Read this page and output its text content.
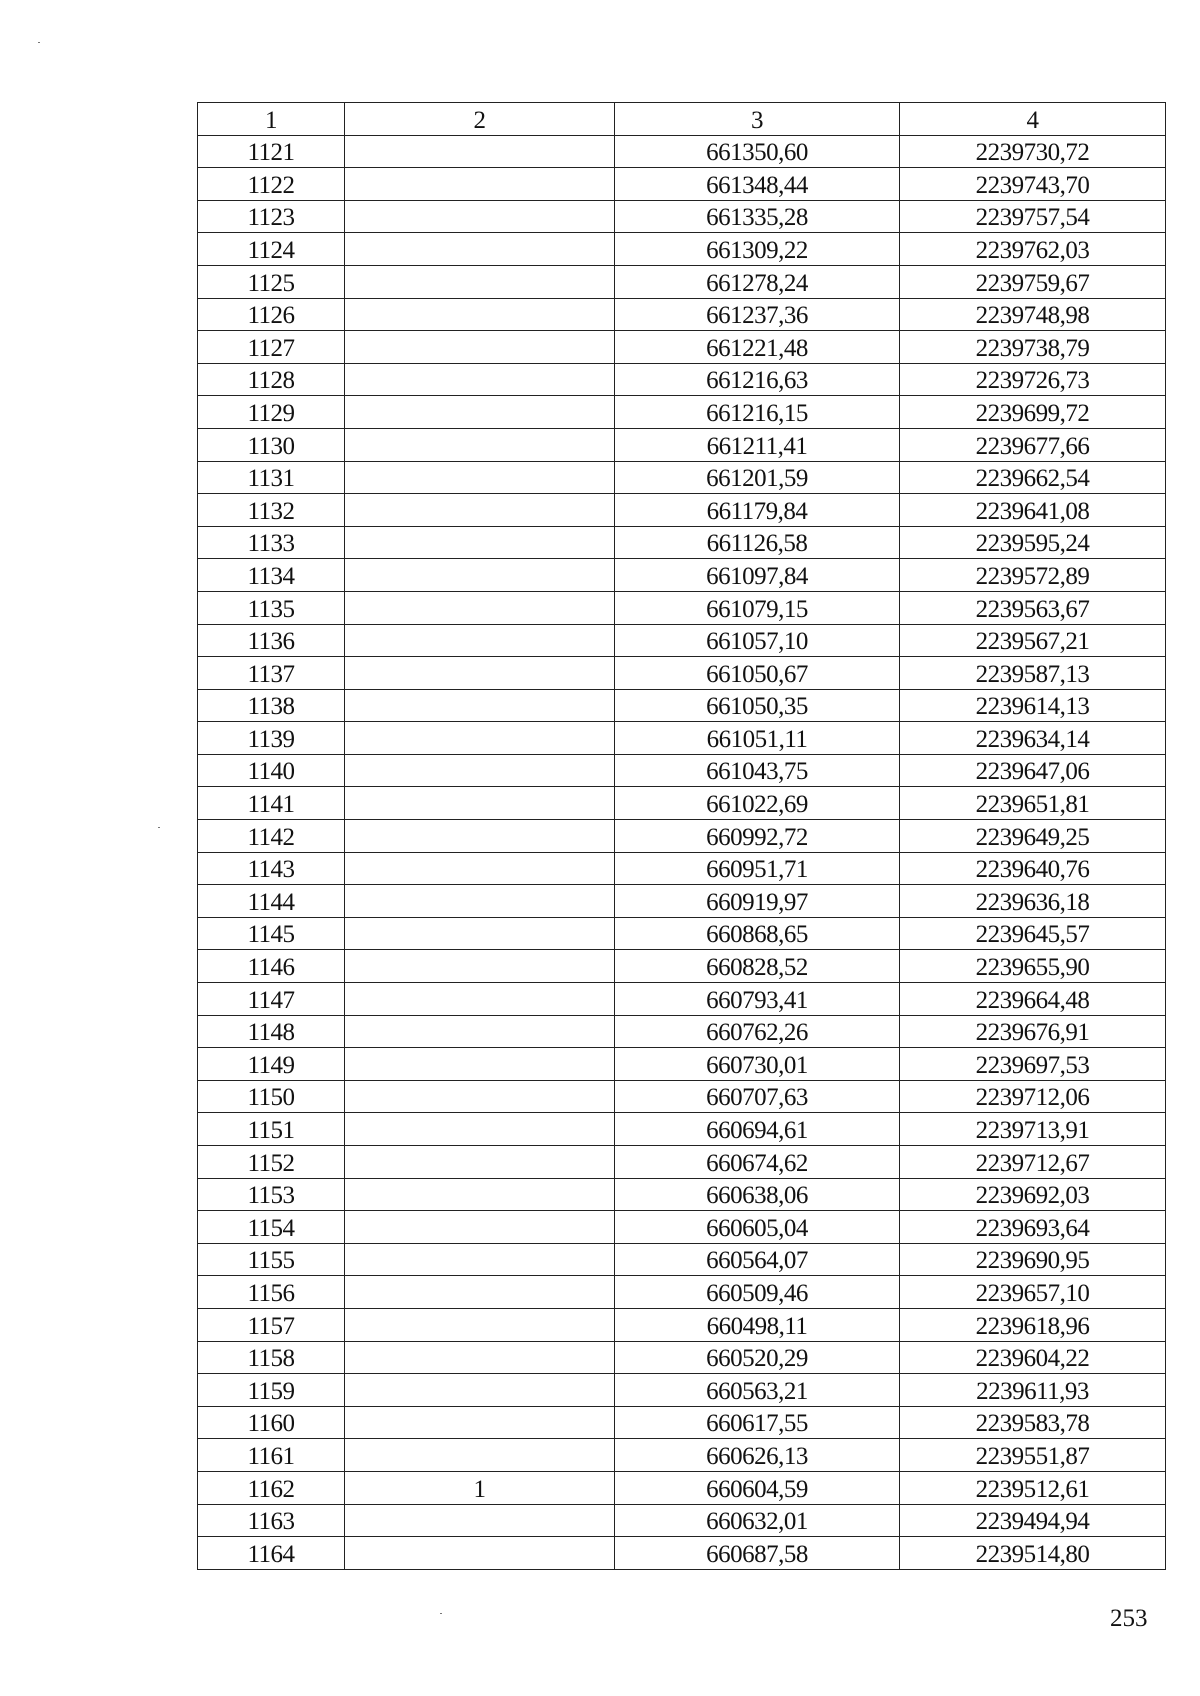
1	2	3	4
1121		661350,60	2239730,72
1122		661348,44	2239743,70
1123		661335,28	2239757,54
1124		661309,22	2239762,03
1125		661278,24	2239759,67
1126		661237,36	2239748,98
1127		661221,48	2239738,79
1128		661216,63	2239726,73
1129		661216,15	2239699,72
1130		661211,41	2239677,66
1131		661201,59	2239662,54
1132		661179,84	2239641,08
1133		661126,58	2239595,24
1134		661097,84	2239572,89
1135		661079,15	2239563,67
1136		661057,10	2239567,21
1137		661050,67	2239587,13
1138		661050,35	2239614,13
1139		661051,11	2239634,14
1140		661043,75	2239647,06
1141		661022,69	2239651,81
1142		660992,72	2239649,25
1143		660951,71	2239640,76
1144		660919,97	2239636,18
1145		660868,65	2239645,57
1146		660828,52	2239655,90
1147		660793,41	2239664,48
1148		660762,26	2239676,91
1149		660730,01	2239697,53
1150		660707,63	2239712,06
1151		660694,61	2239713,91
1152		660674,62	2239712,67
1153		660638,06	2239692,03
1154		660605,04	2239693,64
1155		660564,07	2239690,95
1156		660509,46	2239657,10
1157		660498,11	2239618,96
1158		660520,29	2239604,22
1159		660563,21	2239611,93
1160		660617,55	2239583,78
1161		660626,13	2239551,87
1162	1	660604,59	2239512,61
1163		660632,01	2239494,94
1164		660687,58	2239514,80
253
